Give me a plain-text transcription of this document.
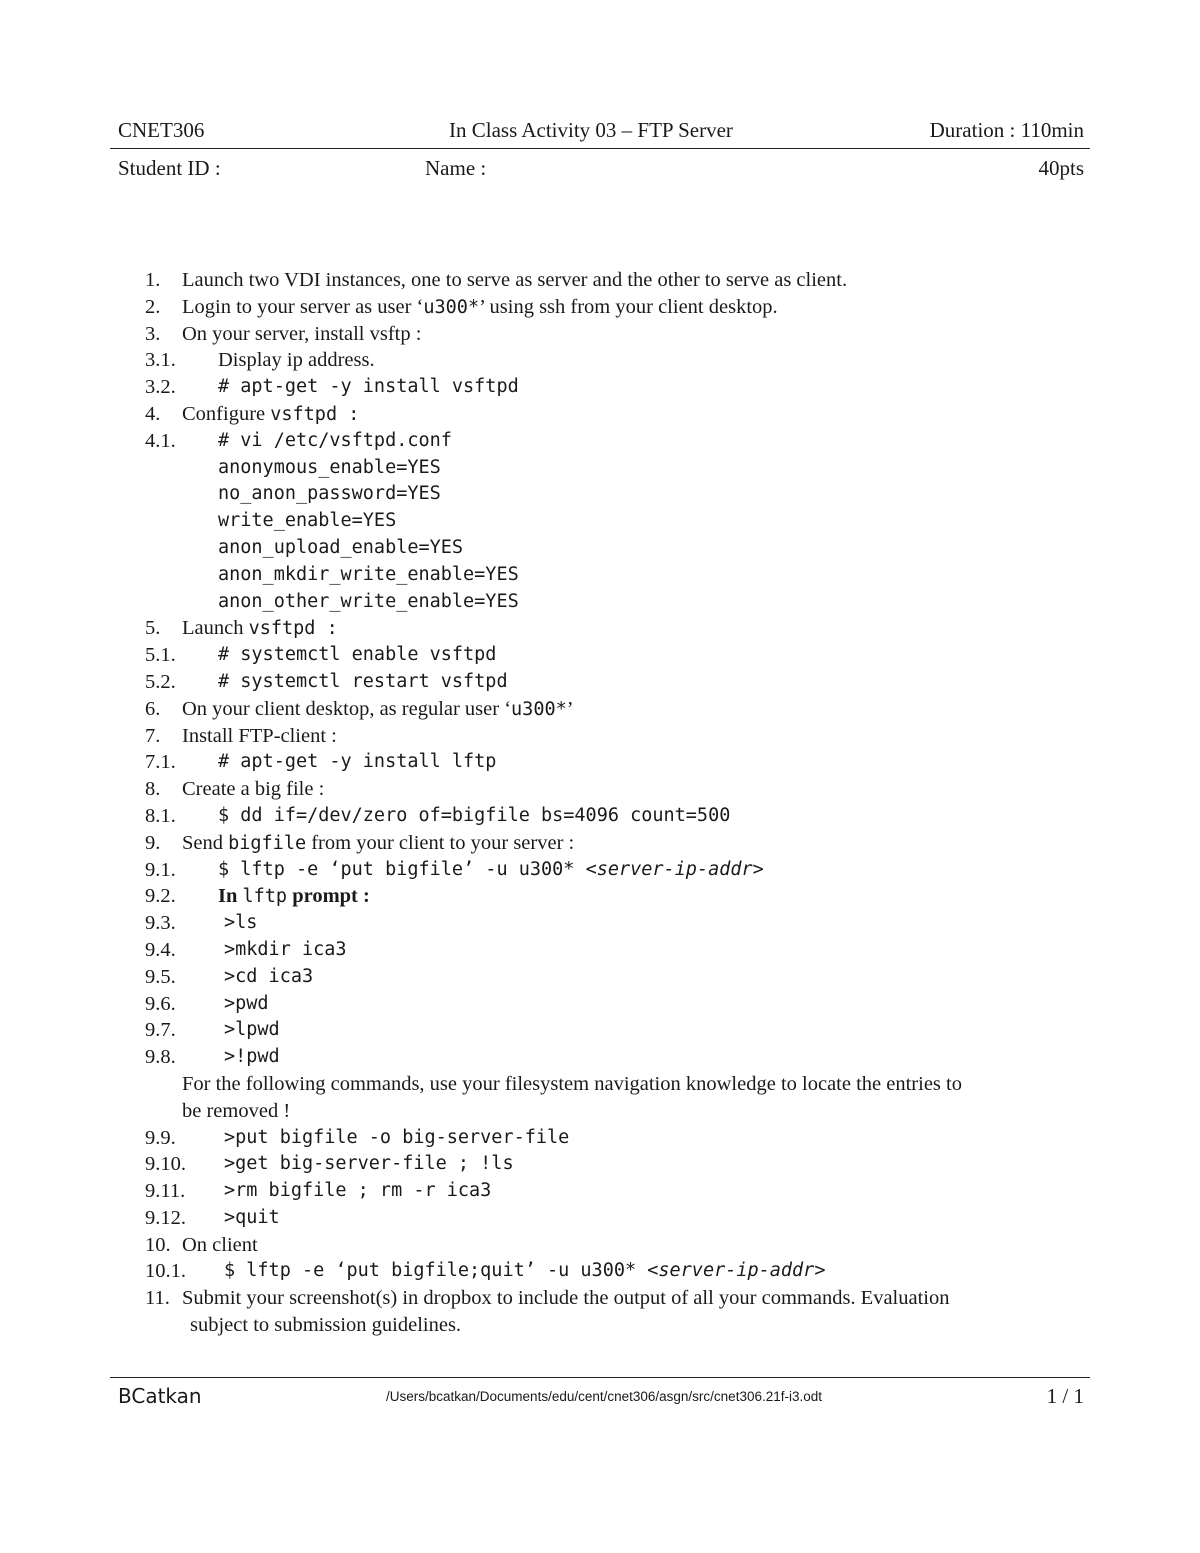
CNET306	In Class Activity 03 – FTP Server	Duration : 110min
Student ID :	Name :	40pts
1. Launch two VDI instances, one to serve as server and the other to serve as client.
2. Login to your server as user ‘u300*’ using ssh from your client desktop.
3. On your server, install vsftp :
3.1. Display ip address.
3.2. # apt-get -y install vsftpd
4. Configure vsftpd :
4.1. # vi /etc/vsftpd.conf
anonymous_enable=YES
no_anon_password=YES
write_enable=YES
anon_upload_enable=YES
anon_mkdir_write_enable=YES
anon_other_write_enable=YES
5. Launch vsftpd :
5.1. # systemctl enable vsftpd
5.2. # systemctl restart vsftpd
6. On your client desktop, as regular user ‘u300*’
7. Install FTP-client :
7.1. # apt-get -y install lftp
8. Create a big file :
8.1. $ dd if=/dev/zero of=bigfile bs=4096 count=500
9. Send bigfile from your client to your server :
9.1. $ lftp -e ‘put bigfile’ -u u300* <server-ip-addr>
9.2. In lftp prompt :
9.3.	>ls
9.4.	>mkdir ica3
9.5.	>cd ica3
9.6.	>pwd
9.7.	>lpwd
9.8.	>!pwd
For the following commands, use your filesystem navigation knowledge to locate the entries to
be removed !
9.9.	>put bigfile -o big-server-file
9.10. >get big-server-file ; !ls
9.11. >rm bigfile ; rm -r ica3
9.12. >quit
10. On client
10.1. $ lftp -e ‘put bigfile;quit’ -u u300* <server-ip-addr>
11. Submit your screenshot(s) in dropbox to include the output of all your commands. Evaluation
subject to submission guidelines.
BCatkan	/Users/bcatkan/Documents/edu/cent/cnet306/asgn/src/cnet306.21f-i3.odt	1 / 1
